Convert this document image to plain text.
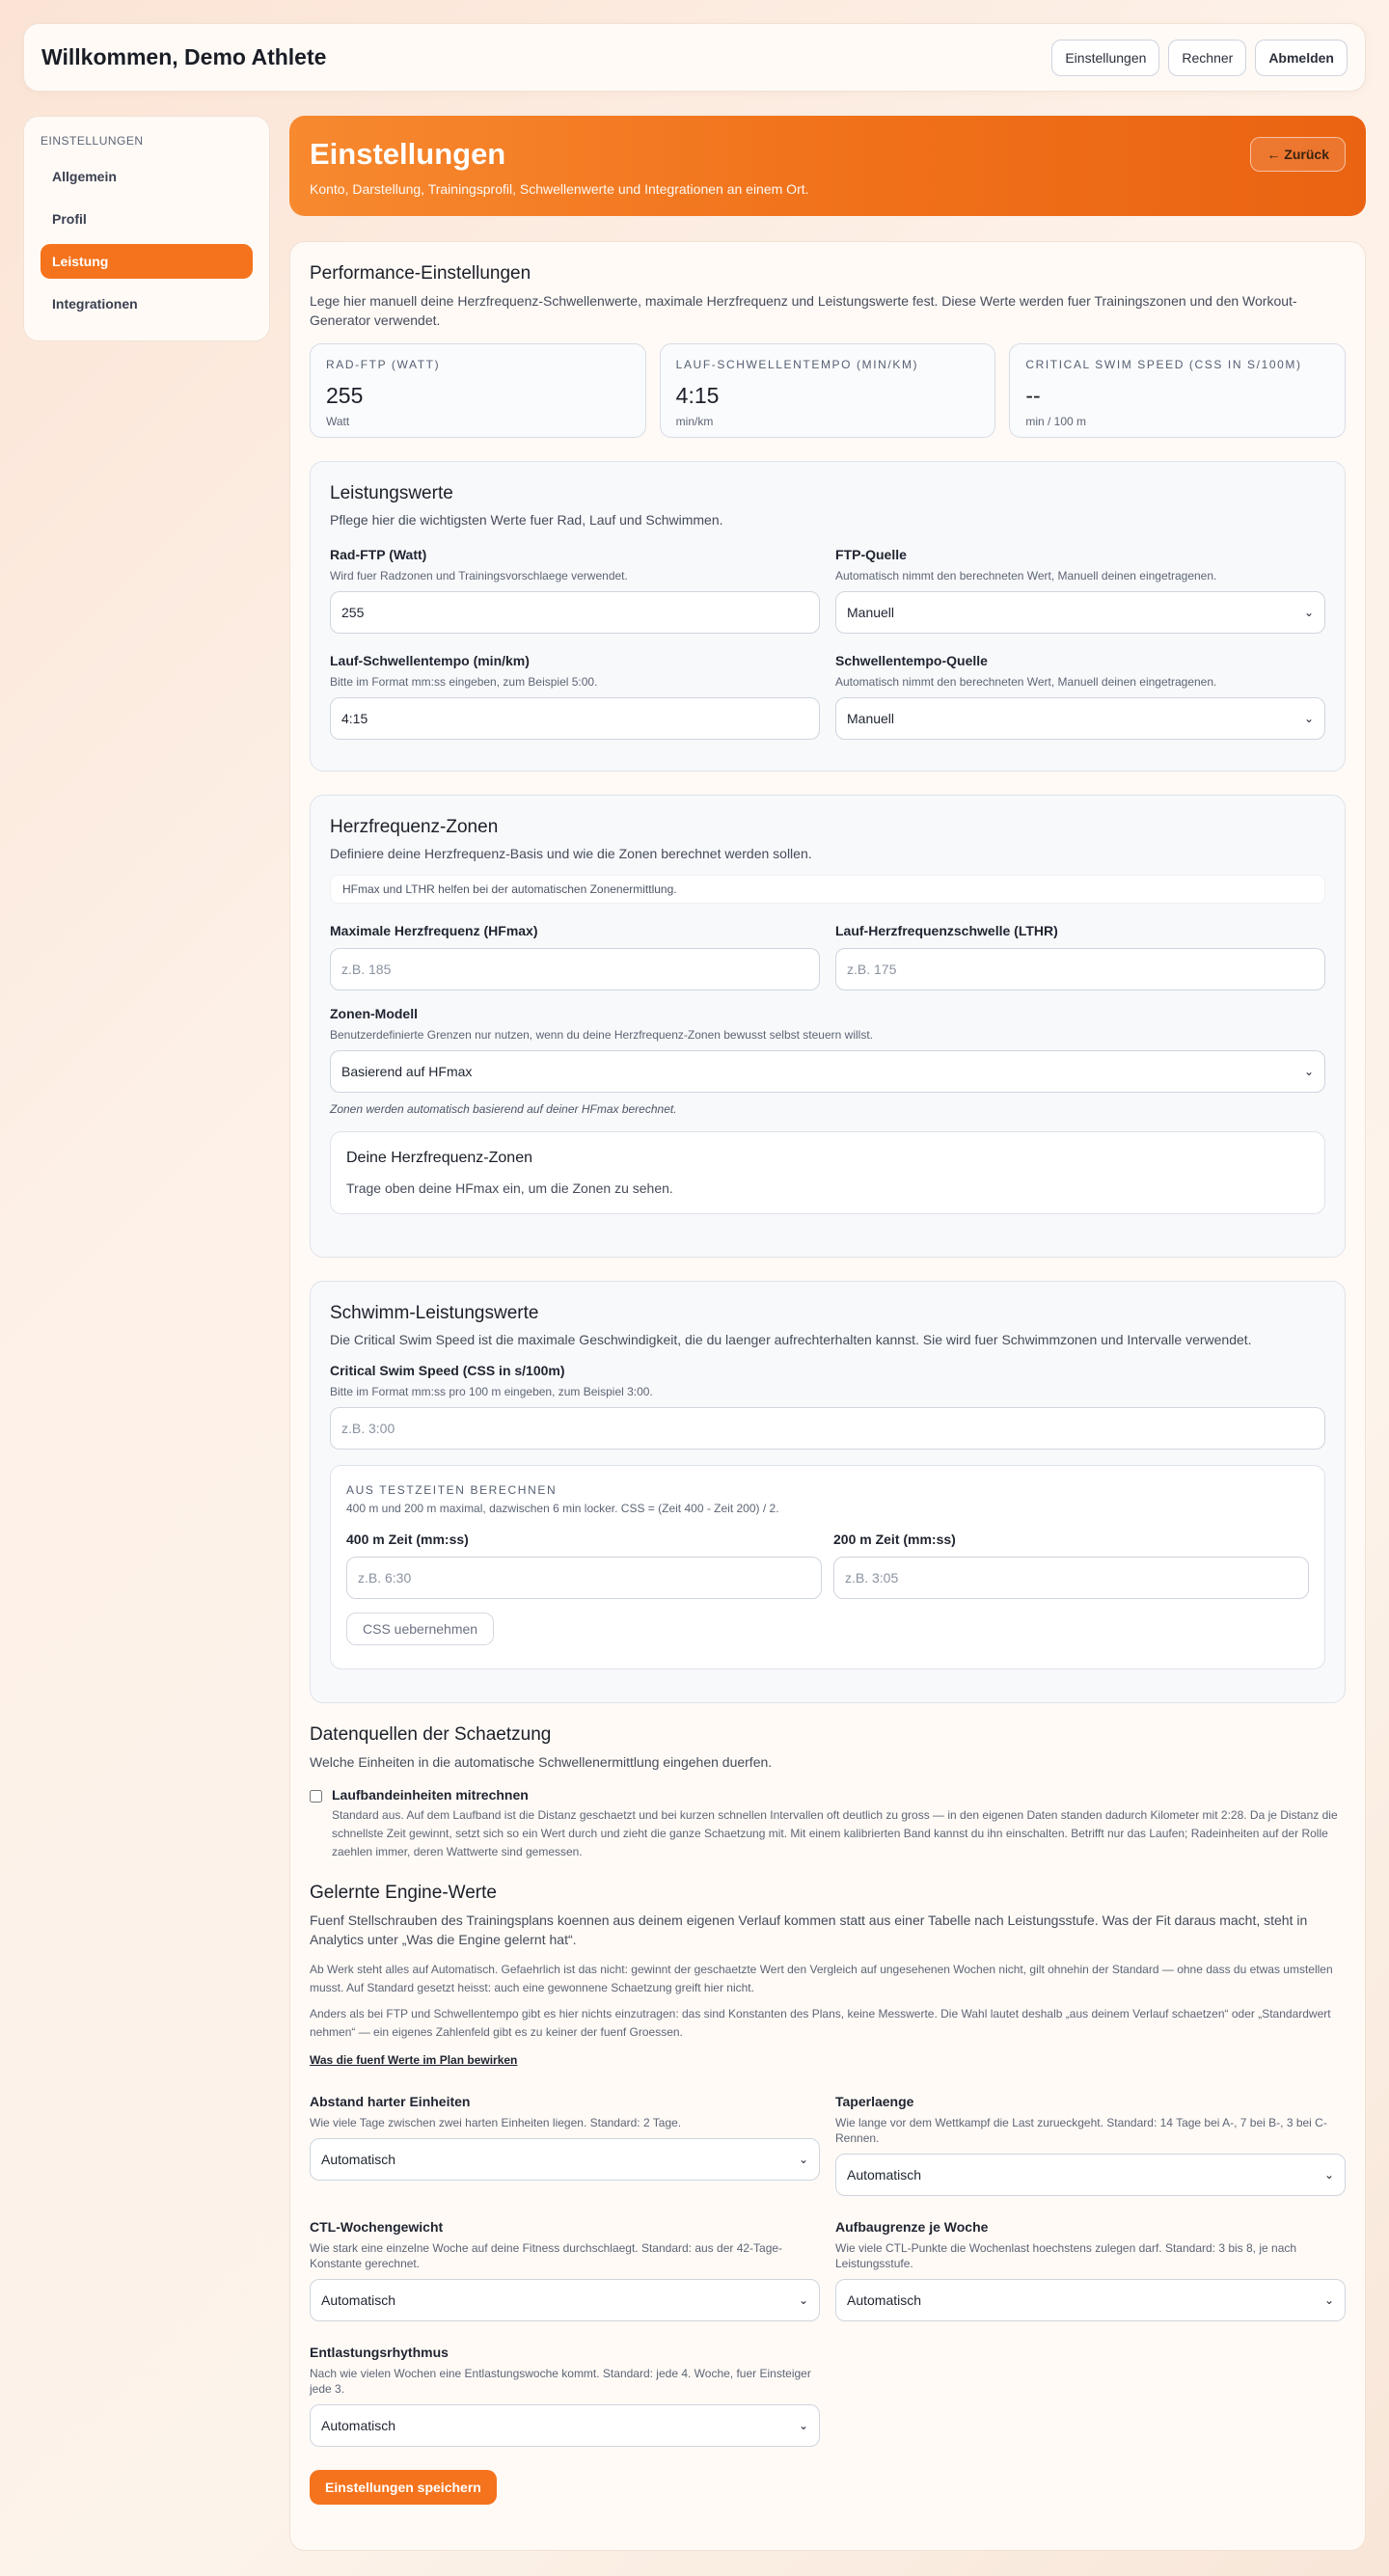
Willkommen, Demo Athlete	Einstellungen	Rechner	Abmelden
EINSTELLUNGEN
Allgemein
Profil
Leistung
Integrationen
Einstellungen

Konto, Darstellung, Trainingsprofil, Schwellenwerte und Integrationen an einem Ort.

← Zurück
Performance-Einstellungen
Lege hier manuell deine Herzfrequenz-Schwellenwerte, maximale Herzfrequenz und Leistungswerte fest. Diese Werte werden fuer Trainingszonen und den Workout-Generator verwendet.
RAD-FTP (WATT)
255
Watt
LAUF-SCHWELLENTEMPO (MIN/KM)
4:15
min/km
CRITICAL SWIM SPEED (CSS IN S/100M)
--
min / 100 m
Leistungswerte
Pflege hier die wichtigsten Werte fuer Rad, Lauf und Schwimmen.
Rad-FTP (Watt)
Wird fuer Radzonen und Trainingsvorschlaege verwendet.
255
FTP-Quelle
Automatisch nimmt den berechneten Wert, Manuell deinen eingetragenen.
Manuell	⌄
Lauf-Schwellentempo (min/km)
Bitte im Format mm:ss eingeben, zum Beispiel 5:00.
4:15
Schwellentempo-Quelle
Automatisch nimmt den berechneten Wert, Manuell deinen eingetragenen.
Manuell	⌄
Herzfrequenz-Zonen
Definiere deine Herzfrequenz-Basis und wie die Zonen berechnet werden sollen.
HFmax und LTHR helfen bei der automatischen Zonenermittlung.
Maximale Herzfrequenz (HFmax)
z.B. 185	Lauf-Herzfrequenzschwelle (LTHR)
z.B. 175
Zonen-Modell
Benutzerdefinierte Grenzen nur nutzen, wenn du deine Herzfrequenz-Zonen bewusst selbst steuern willst.
Basierend auf HFmax	⌄
Zonen werden automatisch basierend auf deiner HFmax berechnet.
Deine Herzfrequenz-Zonen
Trage oben deine HFmax ein, um die Zonen zu sehen.
Schwimm-Leistungswerte
Die Critical Swim Speed ist die maximale Geschwindigkeit, die du laenger aufrechterhalten kannst. Sie wird fuer Schwimmzonen und Intervalle verwendet.
Critical Swim Speed (CSS in s/100m)
Bitte im Format mm:ss pro 100 m eingeben, zum Beispiel 3:00.
z.B. 3:00
AUS TESTZEITEN BERECHNEN
400 m und 200 m maximal, dazwischen 6 min locker. CSS = (Zeit 400 - Zeit 200) / 2.
400 m Zeit (mm:ss)
z.B. 6:30	200 m Zeit (mm:ss)
z.B. 3:05
CSS uebernehmen
Datenquellen der Schaetzung
Welche Einheiten in die automatische Schwellenermittlung eingehen duerfen.
Laufbandeinheiten mitrechnen
Standard aus. Auf dem Laufband ist die Distanz geschaetzt und bei kurzen schnellen Intervallen oft deutlich zu gross — in den eigenen Daten standen dadurch Kilometer mit 2:28. Da je Distanz die schnellste Zeit gewinnt, setzt sich so ein Wert durch und zieht die ganze Schaetzung mit. Mit einem kalibrierten Band kannst du ihn einschalten. Betrifft nur das Laufen; Radeinheiten auf der Rolle zaehlen immer, deren Wattwerte sind gemessen.
Gelernte Engine-Werte
Fuenf Stellschrauben des Trainingsplans koennen aus deinem eigenen Verlauf kommen statt aus einer Tabelle nach Leistungsstufe. Was der Fit daraus macht, steht in Analytics unter „Was die Engine gelernt hat“.
Ab Werk steht alles auf Automatisch. Gefaehrlich ist das nicht: gewinnt der geschaetzte Wert den Vergleich auf ungesehenen Wochen nicht, gilt ohnehin der Standard — ohne dass du etwas umstellen musst. Auf Standard gesetzt heisst: auch eine gewonnene Schaetzung greift hier nicht.
Anders als bei FTP und Schwellentempo gibt es hier nichts einzutragen: das sind Konstanten des Plans, keine Messwerte. Die Wahl lautet deshalb „aus deinem Verlauf schaetzen“ oder „Standardwert nehmen“ — ein eigenes Zahlenfeld gibt es zu keiner der fuenf Groessen.
Was die fuenf Werte im Plan bewirken
Abstand harter Einheiten
Wie viele Tage zwischen zwei harten Einheiten liegen. Standard: 2 Tage.
Automatisch	⌄
Taperlaenge
Wie lange vor dem Wettkampf die Last zurueckgeht. Standard: 14 Tage bei A-, 7 bei B-, 3 bei C-Rennen.
Automatisch	⌄
CTL-Wochengewicht
Wie stark eine einzelne Woche auf deine Fitness durchschlaegt. Standard: aus der 42-Tage-Konstante gerechnet.
Automatisch	⌄
Aufbaugrenze je Woche
Wie viele CTL-Punkte die Wochenlast hoechstens zulegen darf. Standard: 3 bis 8, je nach Leistungsstufe.
Automatisch	⌄
Entlastungsrhythmus
Nach wie vielen Wochen eine Entlastungswoche kommt. Standard: jede 4. Woche, fuer Einsteiger jede 3.
Automatisch	⌄
Einstellungen speichern
